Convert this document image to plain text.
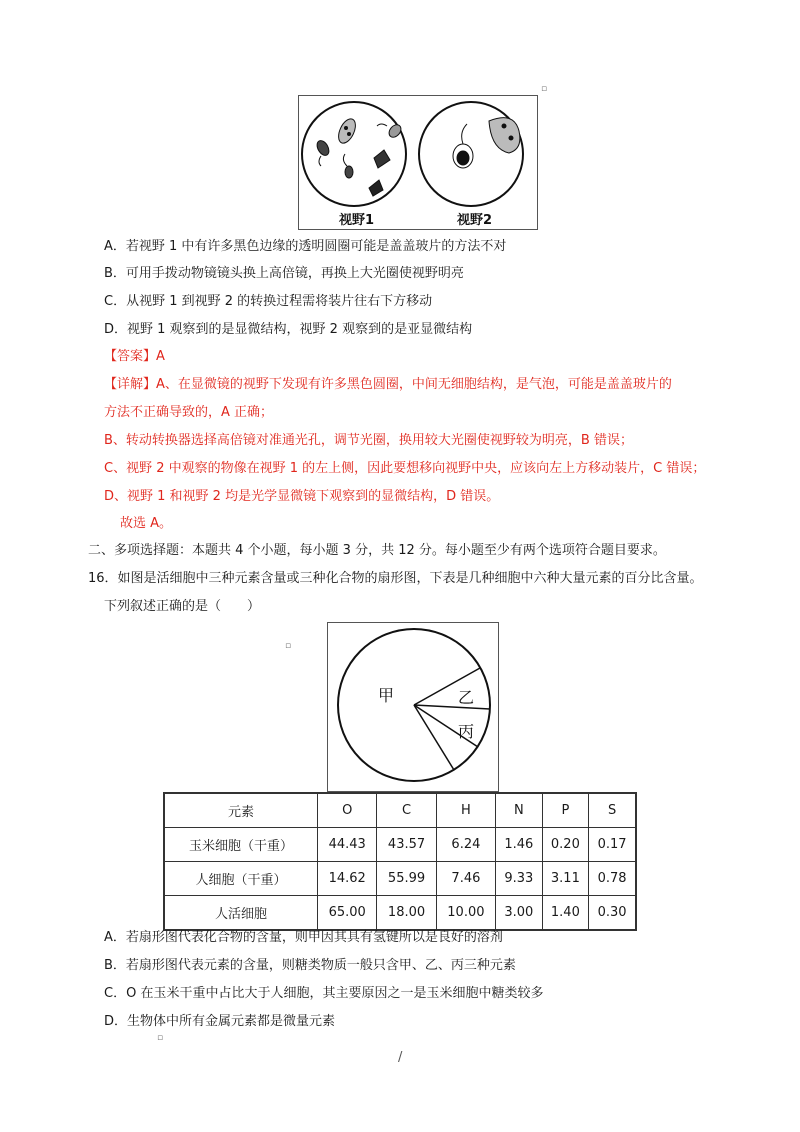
▫
▫
▫
视野1	视野2
A．若视野 1 中有许多黑色边缘的透明圆圈可能是盖盖玻片的方法不对
B．可用手拨动物镜镜头换上高倍镜，再换上大光圈使视野明亮
C．从视野 1 到视野 2 的转换过程需将装片往右下方移动
D．视野 1 观察到的是显微结构，视野 2 观察到的是亚显微结构
【答案】A
【详解】A、在显微镜的视野下发现有许多黑色圆圈，中间无细胞结构，是气泡，可能是盖盖玻片的
方法不正确导致的，A 正确；
B、转动转换器选择高倍镜对准通光孔，调节光圈，换用较大光圈使视野较为明亮，B 错误；
C、视野 2 中观察的物像在视野 1 的左上侧，因此要想移向视野中央，应该向左上方移动装片，C 错误；
D、视野 1 和视野 2 均是光学显微镜下观察到的显微结构，D 错误。
故选 A。
二、多项选择题：本题共 4 个小题，每小题 3 分，共 12 分。每小题至少有两个选项符合题目要求。
16．如图是活细胞中三种元素含量或三种化合物的扇形图，下表是几种细胞中六种大量元素的百分比含量。
下列叙述正确的是（　　）
甲	乙
丙
元素	O	C	H	N	P	S
玉米细胞（干重）	44.43	43.57	6.24	1.46	0.20	0.17
人细胞（干重）	14.62	55.99	7.46	9.33	3.11	0.78
人活细胞	65.00	18.00	10.00	3.00	1.40	0.30
A．若扇形图代表化合物的含量，则甲因其具有氢键所以是良好的溶剂
B．若扇形图代表元素的含量，则糖类物质一般只含甲、乙、丙三种元素
C．O 在玉米干重中占比大于人细胞，其主要原因之一是玉米细胞中糖类较多
D．生物体中所有金属元素都是微量元素
/
